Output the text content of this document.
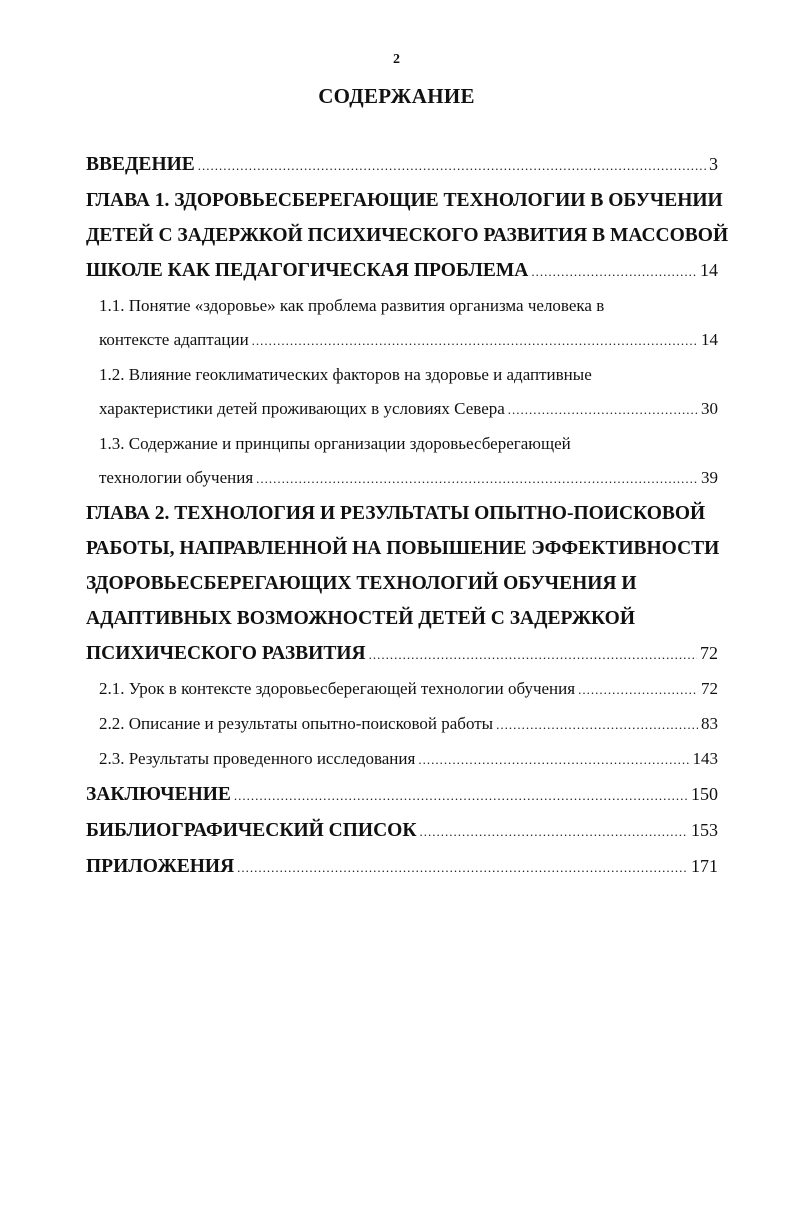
2
СОДЕРЖАНИЕ
ВВЕДЕНИЕ .....	3
ГЛАВА 1. ЗДОРОВЬЕСБЕРЕГАЮЩИЕ ТЕХНОЛОГИИ В ОБУЧЕНИИ
ДЕТЕЙ С ЗАДЕРЖКОЙ ПСИХИЧЕСКОГО РАЗВИТИЯ В МАССОВОЙ
ШКОЛЕ КАК ПЕДАГОГИЧЕСКАЯ ПРОБЛЕМА .....	14
1.1. Понятие «здоровье» как проблема развития организма человека в
контексте адаптации .....	14
1.2. Влияние геоклиматических факторов на здоровье и адаптивные
характеристики детей проживающих в условиях Севера .....	30
1.3. Содержание и принципы организации здоровьесберегающей
технологии обучения .....	39
ГЛАВА 2. ТЕХНОЛОГИЯ И РЕЗУЛЬТАТЫ ОПЫТНО-ПОИСКОВОЙ
РАБОТЫ, НАПРАВЛЕННОЙ НА ПОВЫШЕНИЕ ЭФФЕКТИВНОСТИ
ЗДОРОВЬЕСБЕРЕГАЮЩИХ ТЕХНОЛОГИЙ ОБУЧЕНИЯ И
АДАПТИВНЫХ ВОЗМОЖНОСТЕЙ ДЕТЕЙ С ЗАДЕРЖКОЙ
ПСИХИЧЕСКОГО РАЗВИТИЯ .....	72
2.1. Урок в контексте здоровьесберегающей технологии обучения .....	72
2.2. Описание и результаты опытно-поисковой работы .....	83
2.3. Результаты проведенного исследования .....	143
ЗАКЛЮЧЕНИЕ .....	150
БИБЛИОГРАФИЧЕСКИЙ СПИСОК .....	153
ПРИЛОЖЕНИЯ .....	171
